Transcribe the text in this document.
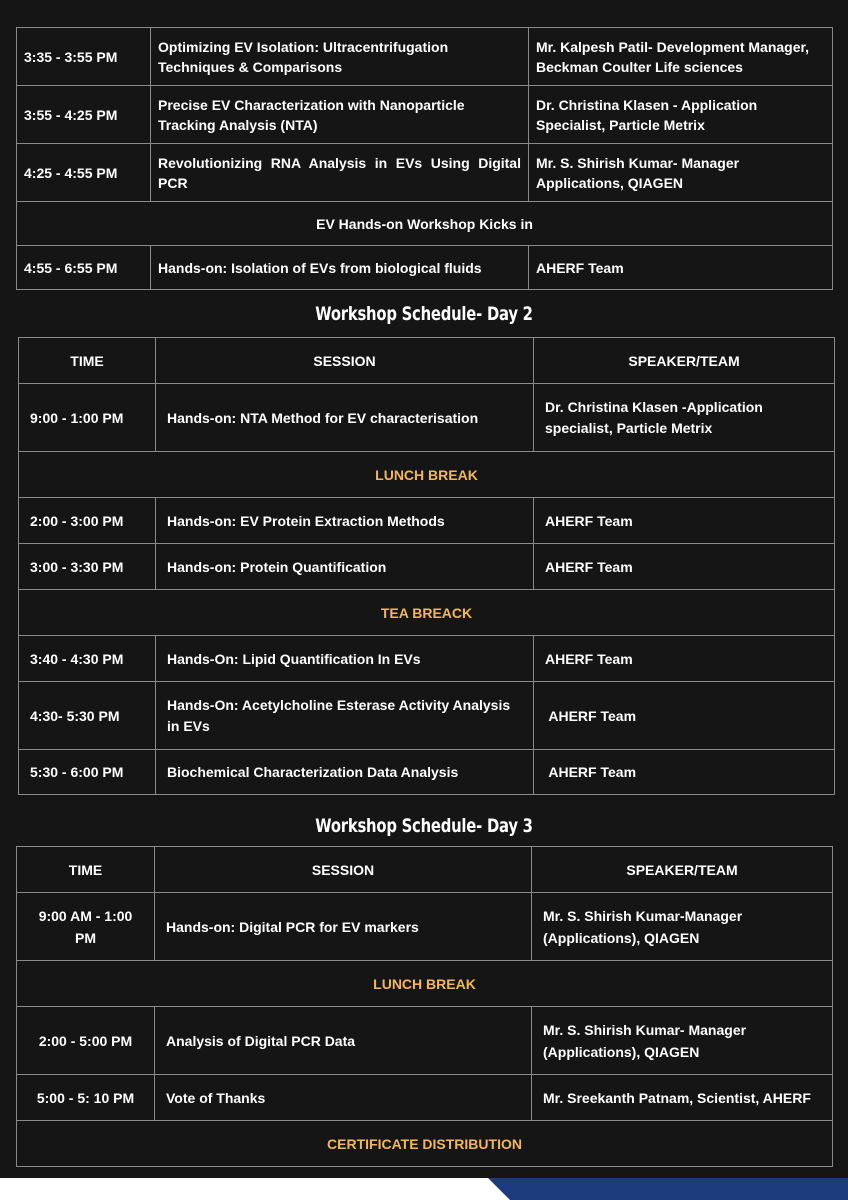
3:35 - 3:55 PM	Optimizing EV Isolation: Ultracentrifugation Techniques & Comparisons	Mr. Kalpesh Patil- Development Manager, Beckman Coulter Life sciences
3:55 - 4:25 PM	Precise EV Characterization with Nanoparticle Tracking Analysis (NTA)	Dr. Christina Klasen - Application Specialist, Particle Metrix
4:25 - 4:55 PM	Revolutionizing RNA Analysis in EVs Using Digital PCR	Mr. S. Shirish Kumar- Manager Applications, QIAGEN
EV Hands-on Workshop Kicks in		
4:55 - 6:55 PM	Hands-on: Isolation of EVs from biological fluids	AHERF Team
Workshop Schedule- Day 2
TIME	SESSION	SPEAKER/TEAM
9:00 - 1:00 PM	Hands-on: NTA Method for EV characterisation	Dr. Christina Klasen -Application specialist, Particle Metrix
LUNCH BREAK		
2:00 - 3:00 PM	Hands-on: EV Protein Extraction Methods	AHERF Team
3:00 - 3:30 PM	Hands-on: Protein Quantification	AHERF Team
TEA BREACK		
3:40 - 4:30 PM	Hands-On: Lipid Quantification In EVs	AHERF Team
4:30- 5:30 PM	Hands-On: Acetylcholine Esterase Activity Analysis in EVs	AHERF Team
5:30 - 6:00 PM	Biochemical Characterization Data Analysis	AHERF Team
Workshop Schedule- Day 3
TIME	SESSION	SPEAKER/TEAM
9:00 AM - 1:00 PM	Hands-on: Digital PCR for EV markers	Mr. S. Shirish Kumar-Manager (Applications), QIAGEN
LUNCH BREAK		
2:00 - 5:00 PM	Analysis of Digital PCR Data	Mr. S. Shirish Kumar- Manager (Applications), QIAGEN
5:00 - 5: 10 PM	Vote of Thanks	Mr. Sreekanth Patnam, Scientist, AHERF
CERTIFICATE DISTRIBUTION		
